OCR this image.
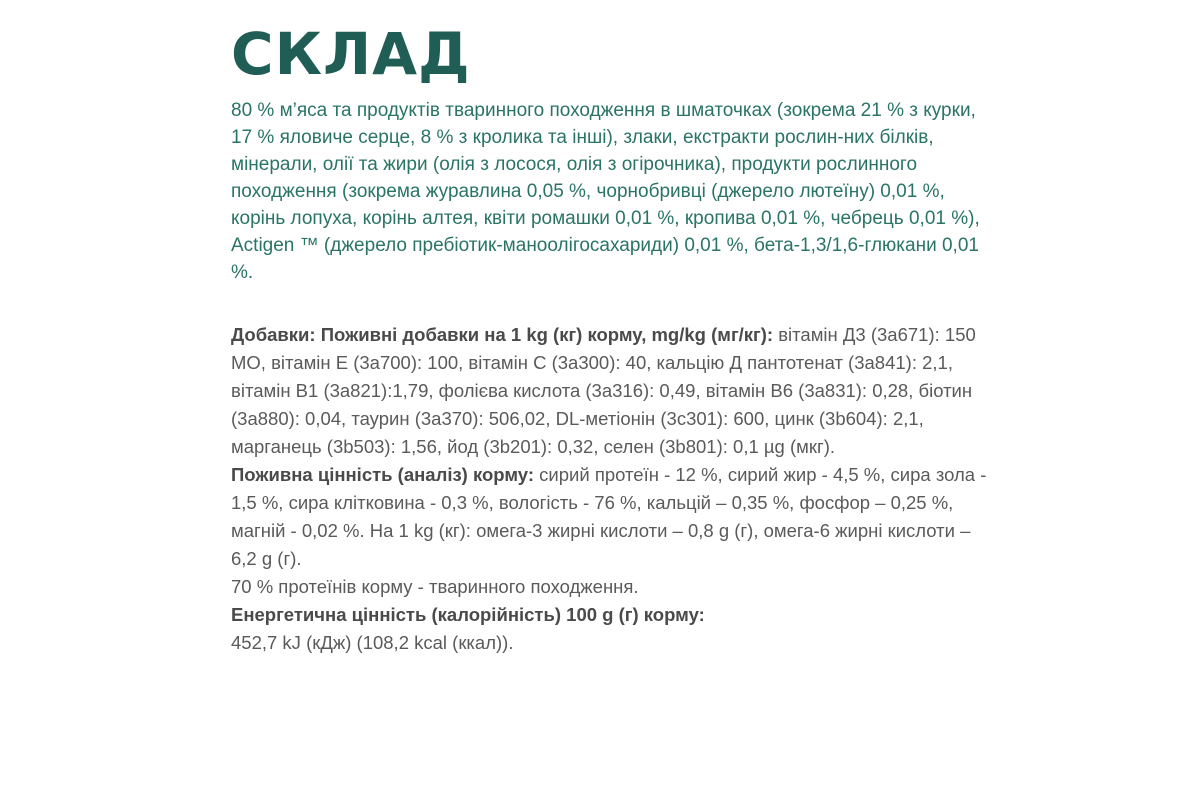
СКЛАД

80 % м’яса та продуктів тваринного походження в шматочках (зокрема 21 % з курки, 17 % яловиче серце, 8 % з кролика та інші), злаки, екстракти рослин-них білків, мінерали, олії та жири (олія з лосося, олія з огірочника), продукти рослинного походження (зокрема журавлина 0,05 %, чорнобривці (джерело лютеїну) 0,01 %, корінь лопуха, корінь алтея, квіти ромашки 0,01 %, кропива 0,01 %, чебрець 0,01 %), Actigen ™ (джерело пребіотик-маноолігосахариди) 0,01 %, бета-1,3/1,6-глюкани 0,01 %.

Добавки: Поживні добавки на 1 kg (кг) корму, mg/kg (мг/кг): вітамін Д3 (3а671): 150 МО, вітамін Е (3а700): 100, вітамін С (3а300): 40, кальцію Д пантотенат (3а841): 2,1, вітамін В1 (3а821):1,79, фолієва кислота (3а316): 0,49, вітамін В6 (3а831): 0,28, біотин (3а880): 0,04, таурин (3а370): 506,02, DL-метіонін (3с301): 600, цинк (3b604): 2,1, марганець (3b503): 1,56, йод (3b201): 0,32, селен (3b801): 0,1 µg (мкг).
Поживна цінність (аналіз) корму: сирий протеїн - 12 %, сирий жир - 4,5 %, сира зола - 1,5 %, сира клітковина - 0,3 %, вологість - 76 %, кальцій – 0,35 %, фосфор – 0,25 %, магній - 0,02 %. На 1 kg (кг): омега-3 жирні кислоти – 0,8 g (г), омега-6 жирні кислоти – 6,2 g (г).
70 % протеїнів корму - тваринного походження.
Енергетична цінність (калорійність) 100 g (г) корму:
452,7 kJ (кДж) (108,2 kcal (ккал)).
